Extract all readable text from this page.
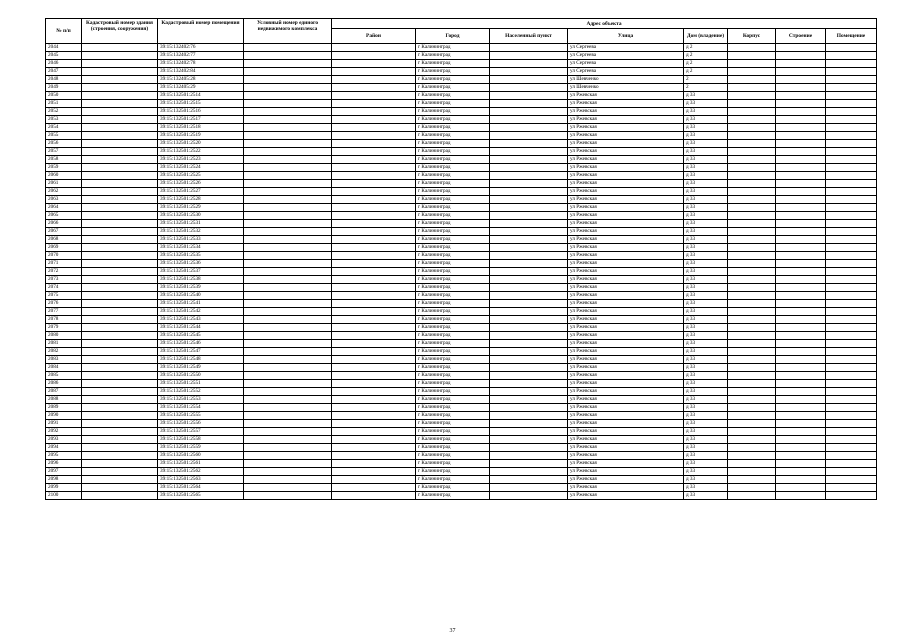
№ п/п	Кадастровый номер здания (строения, сооружения)	Кадастровый номер помещения	Условный номер единого недвижимого комплекса	Адрес объекта							
				Район	Город	Населенный пункт	Улица	Дом (владение)	Корпус	Строение	Помещение
2044		39:15:132402:76			г Калининград		ул Сергеева	д 2			
2045		39:15:132402:77			г Калининград		ул Сергеева	д 2			
2046		39:15:132402:78			г Калининград		ул Сергеева	д 2			
2047		39:15:132402:84			г Калининград		ул Сергеева	д 2			
2048		39:15:132405:28			г Калининград		ул Шевченко	2			
2049		39:15:132405:29			г Калининград		ул Шевченко	2			
2050		39:15:132501:2514			г Калининград		ул Ржевская	д 33			
2051		39:15:132501:2515			г Калининград		ул Ржевская	д 33			
2052		39:15:132501:2516			г Калининград		ул Ржевская	д 33			
2053		39:15:132501:2517			г Калининград		ул Ржевская	д 33			
2054		39:15:132501:2518			г Калининград		ул Ржевская	д 33			
2055		39:15:132501:2519			г Калининград		ул Ржевская	д 33			
2056		39:15:132501:2520			г Калининград		ул Ржевская	д 33			
2057		39:15:132501:2522			г Калининград		ул Ржевская	д 33			
2058		39:15:132501:2523			г Калининград		ул Ржевская	д 33			
2059		39:15:132501:2524			г Калининград		ул Ржевская	д 33			
2060		39:15:132501:2525			г Калининград		ул Ржевская	д 33			
2061		39:15:132501:2526			г Калининград		ул Ржевская	д 33			
2062		39:15:132501:2527			г Калининград		ул Ржевская	д 33			
2063		39:15:132501:2528			г Калининград		ул Ржевская	д 33			
2064		39:15:132501:2529			г Калининград		ул Ржевская	д 33			
2065		39:15:132501:2530			г Калининград		ул Ржевская	д 33			
2066		39:15:132501:2531			г Калининград		ул Ржевская	д 33			
2067		39:15:132501:2532			г Калининград		ул Ржевская	д 33			
2068		39:15:132501:2533			г Калининград		ул Ржевская	д 33			
2069		39:15:132501:2534			г Калининград		ул Ржевская	д 33			
2070		39:15:132501:2535			г Калининград		ул Ржевская	д 33			
2071		39:15:132501:2536			г Калининград		ул Ржевская	д 33			
2072		39:15:132501:2537			г Калининград		ул Ржевская	д 33			
2073		39:15:132501:2538			г Калининград		ул Ржевская	д 33			
2074		39:15:132501:2539			г Калининград		ул Ржевская	д 33			
2075		39:15:132501:2540			г Калининград		ул Ржевская	д 33			
2076		39:15:132501:2541			г Калининград		ул Ржевская	д 33			
2077		39:15:132501:2542			г Калининград		ул Ржевская	д 33			
2078		39:15:132501:2543			г Калининград		ул Ржевская	д 33			
2079		39:15:132501:2544			г Калининград		ул Ржевская	д 33			
2080		39:15:132501:2545			г Калининград		ул Ржевская	д 33			
2081		39:15:132501:2546			г Калининград		ул Ржевская	д 33			
2082		39:15:132501:2547			г Калининград		ул Ржевская	д 33			
2083		39:15:132501:2548			г Калининград		ул Ржевская	д 33			
2084		39:15:132501:2549			г Калининград		ул Ржевская	д 33			
2085		39:15:132501:2550			г Калининград		ул Ржевская	д 33			
2086		39:15:132501:2551			г Калининград		ул Ржевская	д 33			
2087		39:15:132501:2552			г Калининград		ул Ржевская	д 33			
2088		39:15:132501:2553			г Калининград		ул Ржевская	д 33			
2089		39:15:132501:2554			г Калининград		ул Ржевская	д 33			
2090		39:15:132501:2555			г Калининград		ул Ржевская	д 33			
2091		39:15:132501:2556			г Калининград		ул Ржевская	д 33			
2092		39:15:132501:2557			г Калининград		ул Ржевская	д 33			
2093		39:15:132501:2558			г Калининград		ул Ржевская	д 33			
2094		39:15:132501:2559			г Калининград		ул Ржевская	д 33			
2095		39:15:132501:2560			г Калининград		ул Ржевская	д 33			
2096		39:15:132501:2561			г Калининград		ул Ржевская	д 33			
2097		39:15:132501:2562			г Калининград		ул Ржевская	д 33			
2098		39:15:132501:2563			г Калининград		ул Ржевская	д 33			
2099		39:15:132501:2564			г Калининград		ул Ржевская	д 33			
2100		39:15:132501:2565			г Калининград		ул Ржевская	д 33			
37
